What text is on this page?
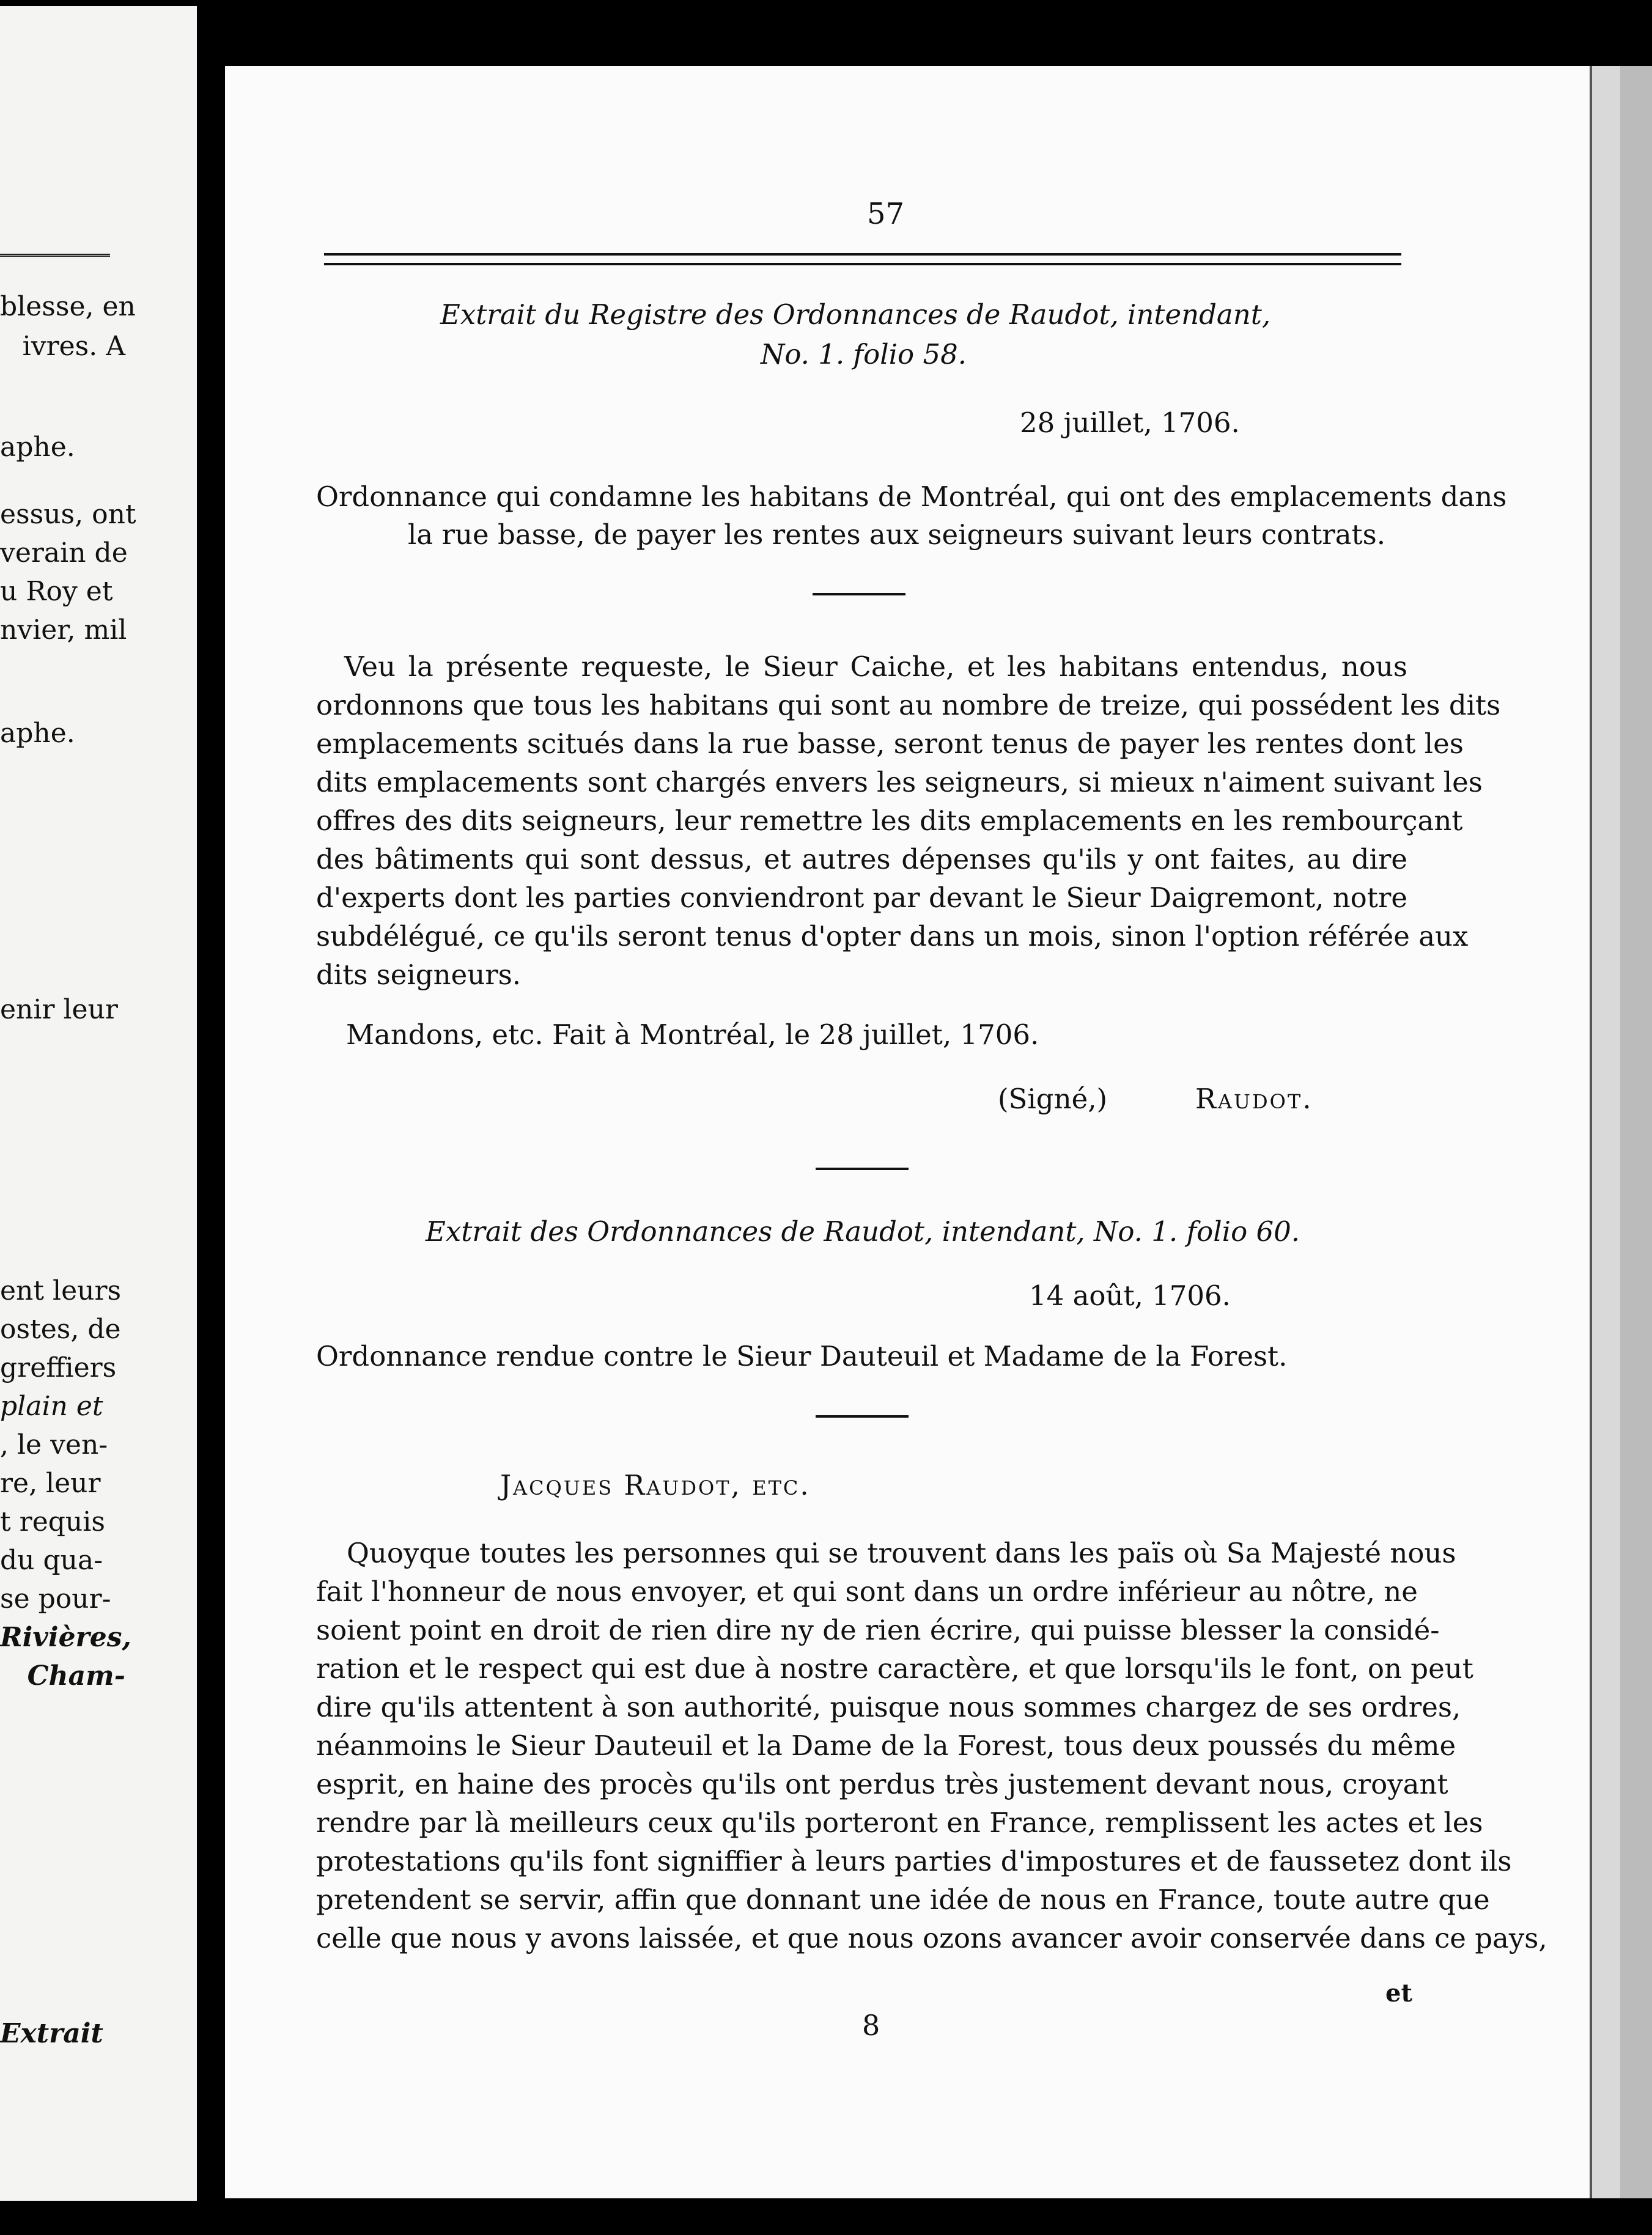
blesse, en
ivres. A
aphe.
essus, ont
verain de
u Roy et
nvier, mil
aphe.
enir leur
ent leurs
ostes, de
greffiers
plain et
, le ven-
re, leur
t requis
du qua-
se pour-
Rivières,
Cham-
Extrait
57
Extrait du Registre des Ordonnances de Raudot, intendant,
No. 1. folio 58.
28 juillet, 1706.
Ordonnance qui condamne les habitans de Montréal, qui ont des emplacements dans
la rue basse, de payer les rentes aux seigneurs suivant leurs contrats.
Veu la présente requeste, le Sieur Caiche, et les habitans entendus, nous
ordonnons que tous les habitans qui sont au nombre de treize, qui possédent les dits
emplacements scitués dans la rue basse, seront tenus de payer les rentes dont les
dits emplacements sont chargés envers les seigneurs, si mieux n'aiment suivant les
offres des dits seigneurs, leur remettre les dits emplacements en les rembourçant
des bâtiments qui sont dessus, et autres dépenses qu'ils y ont faites, au dire
d'experts dont les parties conviendront par devant le Sieur Daigremont, notre
subdélégué, ce qu'ils seront tenus d'opter dans un mois, sinon l'option référée aux
dits seigneurs.
Mandons, etc. Fait à Montréal, le 28 juillet, 1706.
(Signé,)	Raudot.
Extrait des Ordonnances de Raudot, intendant, No. 1. folio 60.
14 août, 1706.
Ordonnance rendue contre le Sieur Dauteuil et Madame de la Forest.
Jacques Raudot, etc.
Quoyque toutes les personnes qui se trouvent dans les païs où Sa Majesté nous
fait l'honneur de nous envoyer, et qui sont dans un ordre inférieur au nôtre, ne
soient point en droit de rien dire ny de rien écrire, qui puisse blesser la considé-
ration et le respect qui est due à nostre caractère, et que lorsqu'ils le font, on peut
dire qu'ils attentent à son authorité, puisque nous sommes chargez de ses ordres,
néanmoins le Sieur Dauteuil et la Dame de la Forest, tous deux poussés du même
esprit, en haine des procès qu'ils ont perdus très justement devant nous, croyant
rendre par là meilleurs ceux qu'ils porteront en France, remplissent les actes et les
protestations qu'ils font signiffier à leurs parties d'impostures et de faussetez dont ils
pretendent se servir, affin que donnant une idée de nous en France, toute autre que
celle que nous y avons laissée, et que nous ozons avancer avoir conservée dans ce pays,
et
8
